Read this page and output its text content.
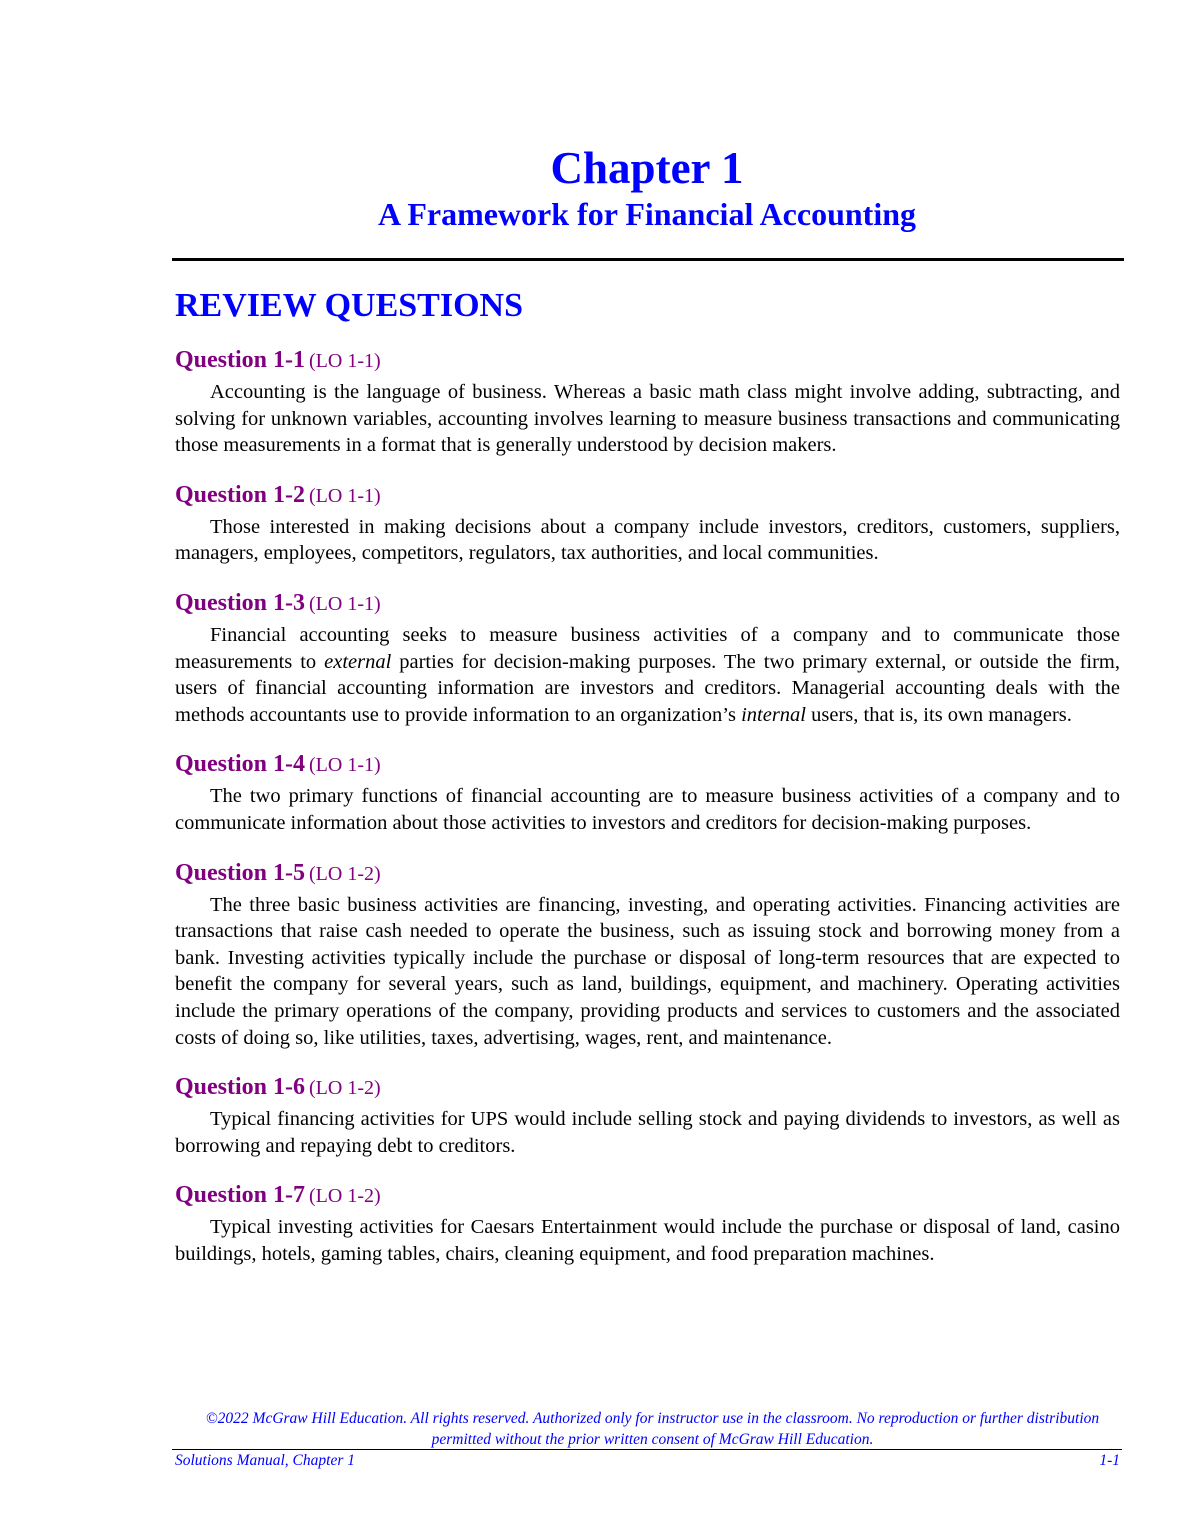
Chapter 1
A Framework for Financial Accounting
REVIEW QUESTIONS
Question 1-1 (LO 1-1)
Accounting is the language of business. Whereas a basic math class might involve adding, subtracting, and solving for unknown variables, accounting involves learning to measure business transactions and communicating those measurements in a format that is generally understood by decision makers.
Question 1-2 (LO 1-1)
Those interested in making decisions about a company include investors, creditors, customers, suppliers, managers, employees, competitors, regulators, tax authorities, and local communities.
Question 1-3 (LO 1-1)
Financial accounting seeks to measure business activities of a company and to communicate those measurements to external parties for decision-making purposes. The two primary external, or outside the firm, users of financial accounting information are investors and creditors. Managerial accounting deals with the methods accountants use to provide information to an organization’s internal users, that is, its own managers.
Question 1-4 (LO 1-1)
The two primary functions of financial accounting are to measure business activities of a company and to communicate information about those activities to investors and creditors for decision-making purposes.
Question 1-5 (LO 1-2)
The three basic business activities are financing, investing, and operating activities. Financing activities are transactions that raise cash needed to operate the business, such as issuing stock and borrowing money from a bank. Investing activities typically include the purchase or disposal of long-term resources that are expected to benefit the company for several years, such as land, buildings, equipment, and machinery. Operating activities include the primary operations of the company, providing products and services to customers and the associated costs of doing so, like utilities, taxes, advertising, wages, rent, and maintenance.
Question 1-6 (LO 1-2)
Typical financing activities for UPS would include selling stock and paying dividends to investors, as well as borrowing and repaying debt to creditors.
Question 1-7 (LO 1-2)
Typical investing activities for Caesars Entertainment would include the purchase or disposal of land, casino buildings, hotels, gaming tables, chairs, cleaning equipment, and food preparation machines.
©2022 McGraw Hill Education. All rights reserved. Authorized only for instructor use in the classroom. No reproduction or further distribution
permitted without the prior written consent of McGraw Hill Education.
Solutions Manual, Chapter 1	1-1
